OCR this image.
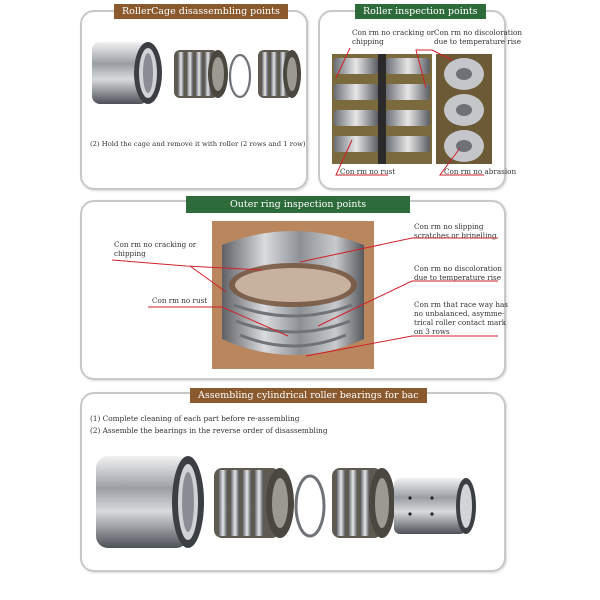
RollerCage disassembling points
(2) Hold the cage and remove it with roller (2 rows and 1 row)
Roller inspection points
Con rm no cracking or
chipping
Con rm no discoloration
due to temperature rise
Con rm no rust	Con rm no abrasion
Outer ring inspection points
Con rm no cracking or
chipping
Con rm no rust
Con rm no slipping
scratches or brinelling
Con rm no discoloration
due to temperature rise
Con rm that race way has
no unbalanced, asymme-
trical roller contact mark
on 3 rows
Assembling cylindrical roller bearings for bac
(1) Complete cleaning of each part before re-assembling
(2) Assemble the bearings in the reverse order of disassembling
